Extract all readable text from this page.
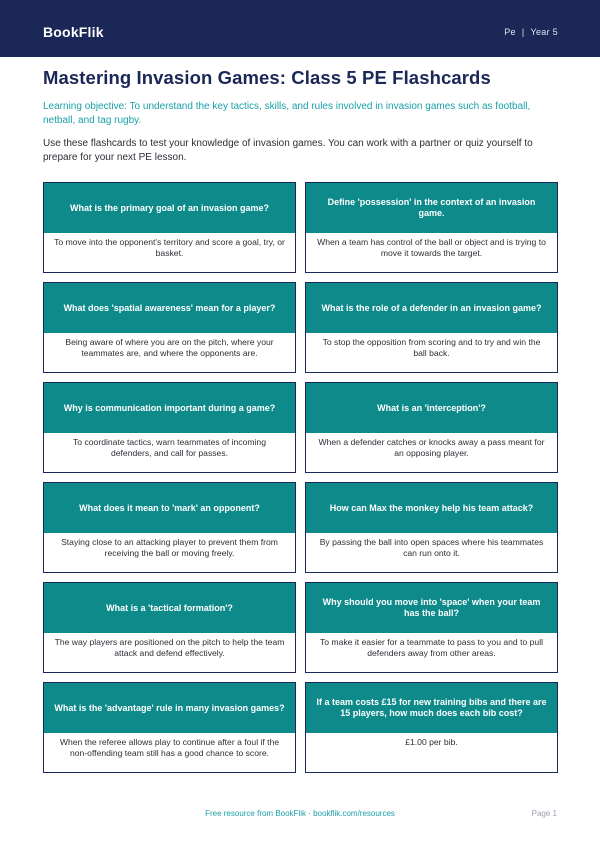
BookFlik	Pe | Year 5
Mastering Invasion Games: Class 5 PE Flashcards

Learning objective: To understand the key tactics, skills, and rules involved in invasion games such as football, netball, and tag rugby.

Use these flashcards to test your knowledge of invasion games. You can work with a partner or quiz yourself to prepare for your next PE lesson.

What is the primary goal of an invasion game?
To move into the opponent's territory and score a goal, try, or basket.
Define 'possession' in the context of an invasion game.
When a team has control of the ball or object and is trying to move it towards the target.
What does 'spatial awareness' mean for a player?
Being aware of where you are on the pitch, where your teammates are, and where the opponents are.
What is the role of a defender in an invasion game?
To stop the opposition from scoring and to try and win the ball back.
Why is communication important during a game?
To coordinate tactics, warn teammates of incoming defenders, and call for passes.
What is an 'interception'?
When a defender catches or knocks away a pass meant for an opposing player.
What does it mean to 'mark' an opponent?
Staying close to an attacking player to prevent them from receiving the ball or moving freely.
How can Max the monkey help his team attack?
By passing the ball into open spaces where his teammates can run onto it.
What is a 'tactical formation'?
The way players are positioned on the pitch to help the team attack and defend effectively.
Why should you move into 'space' when your team has the ball?
To make it easier for a teammate to pass to you and to pull defenders away from other areas.
What is the 'advantage' rule in many invasion games?
When the referee allows play to continue after a foul if the non-offending team still has a good chance to score.
If a team costs £15 for new training bibs and there are 15 players, how much does each bib cost?
£1.00 per bib.
Free resource from BookFlik · bookflik.com/resources	Page 1
